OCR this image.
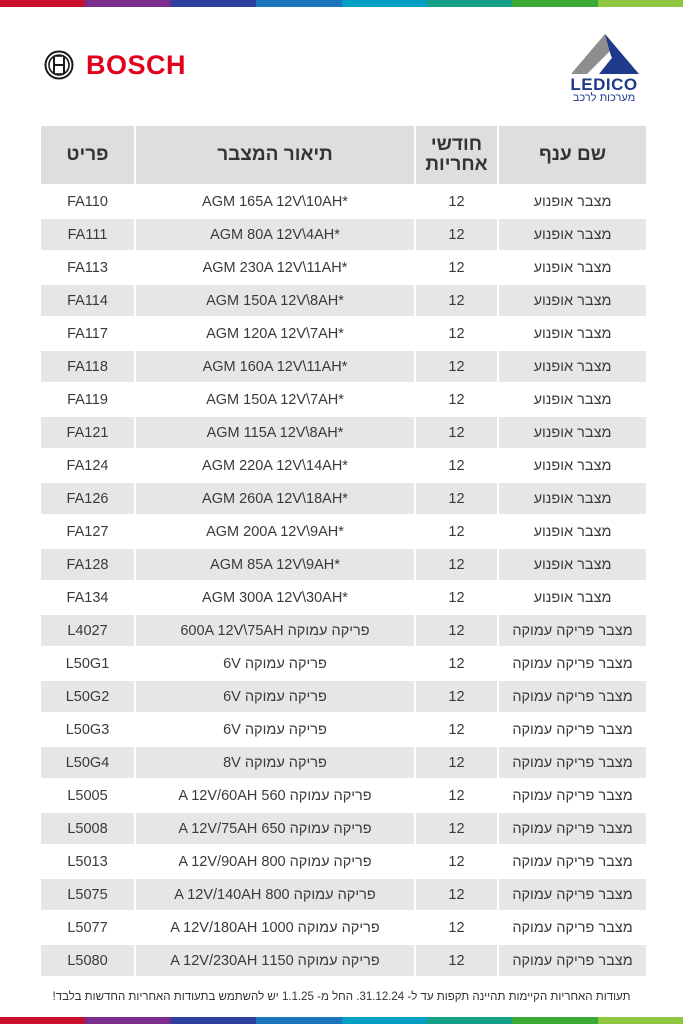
BOSCH
LEDICO
מערכות לרכב
שם ענף	חודשי אחריות	תיאור המצבר	פריט
מצבר אופנוע	12	AGM 165A 12V\10AH*	FA110
מצבר אופנוע	12	AGM 80A 12V\4AH*	FA111
מצבר אופנוע	12	AGM 230A 12V\11AH*	FA113
מצבר אופנוע	12	AGM 150A 12V\8AH*	FA114
מצבר אופנוע	12	AGM 120A 12V\7AH*	FA117
מצבר אופנוע	12	AGM 160A 12V\11AH*	FA118
מצבר אופנוע	12	AGM 150A 12V\7AH*	FA119
מצבר אופנוע	12	AGM 115A 12V\8AH*	FA121
מצבר אופנוע	12	AGM 220A 12V\14AH*	FA124
מצבר אופנוע	12	AGM 260A 12V\18AH*	FA126
מצבר אופנוע	12	AGM 200A 12V\9AH*	FA127
מצבר אופנוע	12	AGM 85A 12V\9AH*	FA128
מצבר אופנוע	12	AGM 300A 12V\30AH*	FA134
מצבר פריקה עמוקה	12	פריקה עמוקה 600A 12V\75AH	L4027
מצבר פריקה עמוקה	12	פריקה עמוקה 6V	L50G1
מצבר פריקה עמוקה	12	פריקה עמוקה 6V	L50G2
מצבר פריקה עמוקה	12	פריקה עמוקה 6V	L50G3
מצבר פריקה עמוקה	12	פריקה עמוקה 8V	L50G4
מצבר פריקה עמוקה	12	פריקה עמוקה 560 A 12V/60AH	L5005
מצבר פריקה עמוקה	12	פריקה עמוקה 650 A 12V/75AH	L5008
מצבר פריקה עמוקה	12	פריקה עמוקה 800 A 12V/90AH	L5013
מצבר פריקה עמוקה	12	פריקה עמוקה 800 A 12V/140AH	L5075
מצבר פריקה עמוקה	12	פריקה עמוקה 1000 A 12V/180AH	L5077
מצבר פריקה עמוקה	12	פריקה עמוקה 1150 A 12V/230AH	L5080
תעודות האחריות הקיימות תהיינה תקפות עד ל- 31.12.24. החל מ- 1.1.25 יש להשתמש בתעודות האחריות החדשות בלבד!
